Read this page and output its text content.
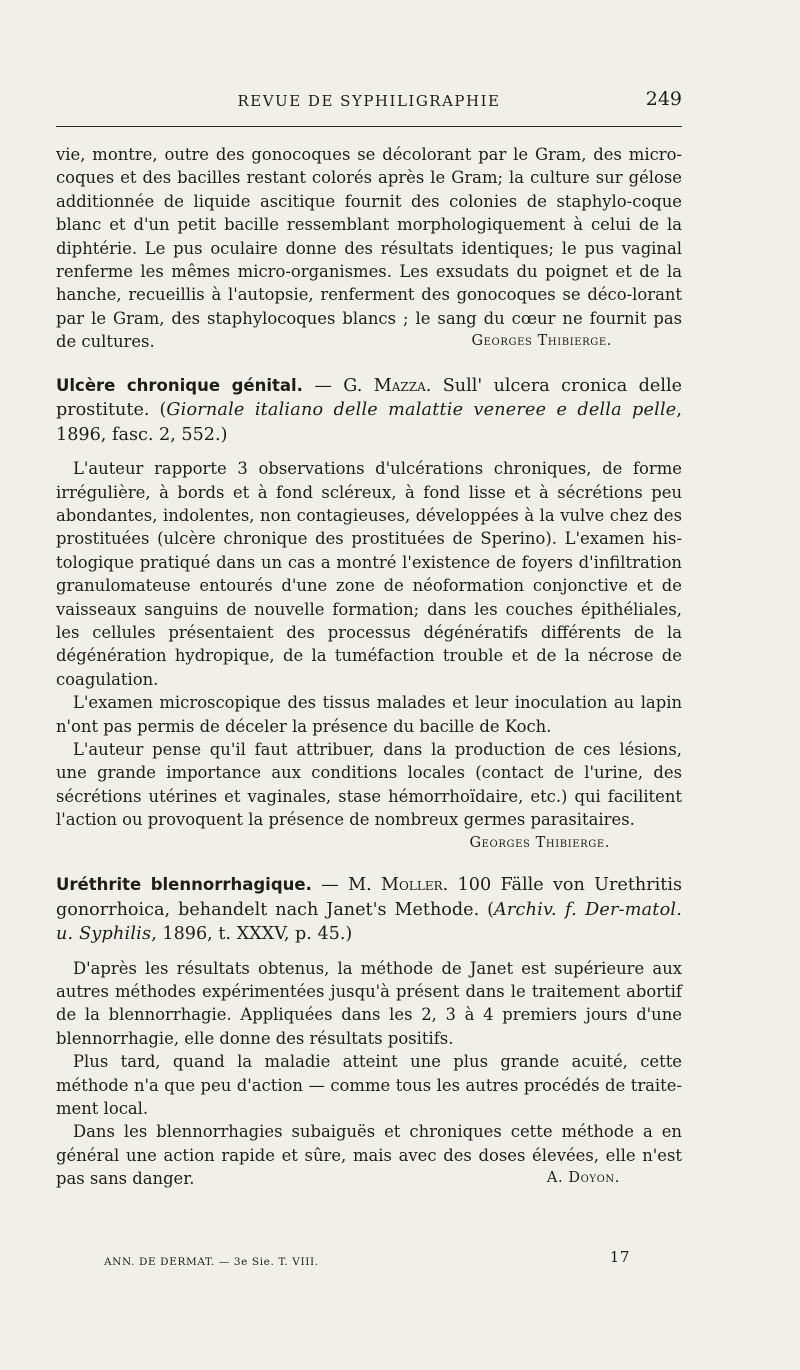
REVUE DE SYPHILIGRAPHIE	249

vie, montre, outre des gonocoques se décolorant par le Gram, des micro-coques et des bacilles restant colorés après le Gram; la culture sur gélose additionnée de liquide ascitique fournit des colonies de staphylo-coque blanc et d'un petit bacille ressemblant morphologiquement à celui de la diphtérie. Le pus oculaire donne des résultats identiques; le pus vaginal renferme les mêmes micro-organismes. Les exsudats du poignet et de la hanche, recueillis à l'autopsie, renferment des gonocoques se déco-lorant par le Gram, des staphylocoques blancs ; le sang du cœur ne fournit pas de cultures.	Georges Thibierge.

Ulcère chronique génital. — G. Mazza. Sull' ulcera cronica delle prostitute. (Giornale italiano delle malattie veneree e della pelle, 1896, fasc. 2, 552.)

L'auteur rapporte 3 observations d'ulcérations chroniques, de forme irrégulière, à bords et à fond scléreux, à fond lisse et à sécrétions peu abondantes, indolentes, non contagieuses, développées à la vulve chez des prostituées (ulcère chronique des prostituées de Sperino). L'examen his-tologique pratiqué dans un cas a montré l'existence de foyers d'infiltration granulomateuse entourés d'une zone de néoformation conjonctive et de vaisseaux sanguins de nouvelle formation; dans les couches épithéliales, les cellules présentaient des processus dégénératifs différents de la dégénération hydropique, de la tuméfaction trouble et de la nécrose de coagulation.

L'examen microscopique des tissus malades et leur inoculation au lapin n'ont pas permis de déceler la présence du bacille de Koch.

L'auteur pense qu'il faut attribuer, dans la production de ces lésions, une grande importance aux conditions locales (contact de l'urine, des sécrétions utérines et vaginales, stase hémorrhoïdaire, etc.) qui facilitent l'action ou provoquent la présence de nombreux germes parasitaires.

Georges Thibierge.

Uréthrite blennorrhagique. — M. Moller. 100 Fälle von Urethritis gonorrhoica, behandelt nach Janet's Methode. (Archiv. f. Der-matol. u. Syphilis, 1896, t. XXXV, p. 45.)

D'après les résultats obtenus, la méthode de Janet est supérieure aux autres méthodes expérimentées jusqu'à présent dans le traitement abortif de la blennorrhagie. Appliquées dans les 2, 3 à 4 premiers jours d'une blennorrhagie, elle donne des résultats positifs.

Plus tard, quand la maladie atteint une plus grande acuité, cette méthode n'a que peu d'action — comme tous les autres procédés de traite-ment local.

Dans les blennorrhagies subaiguës et chroniques cette méthode a en général une action rapide et sûre, mais avec des doses élevées, elle n'est pas sans danger.	A. Doyon.

ANN. DE DERMAT. — 3e Sie. T. VIII.	17
